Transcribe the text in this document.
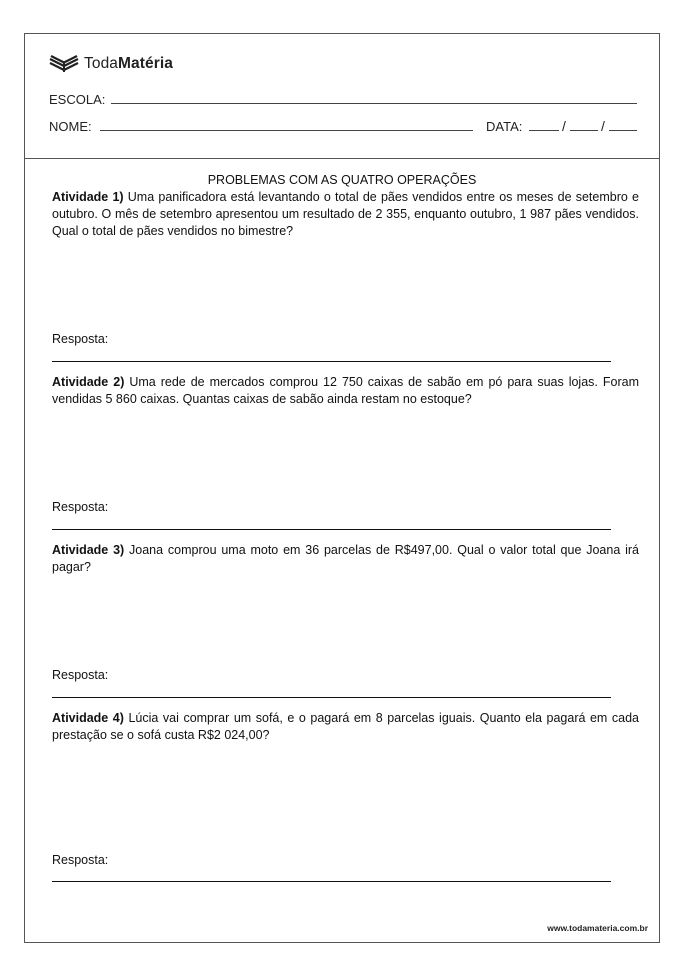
TodaMatéria
ESCOLA:
NOME:	DATA:	/	/
PROBLEMAS COM AS QUATRO OPERAÇÕES
Atividade 1) Uma panificadora está levantando o total de pães vendidos entre os meses de setembro e outubro. O mês de setembro apresentou um resultado de 2 355, enquanto outubro, 1 987 pães vendidos. Qual o total de pães vendidos no bimestre?
Resposta:
Atividade 2) Uma rede de mercados comprou 12 750 caixas de sabão em pó para suas lojas. Foram vendidas 5 860 caixas. Quantas caixas de sabão ainda restam no estoque?
Resposta:
Atividade 3) Joana comprou uma moto em 36 parcelas de R$497,00. Qual o valor total que Joana irá pagar?
Resposta:
Atividade 4) Lúcia vai comprar um sofá, e o pagará em 8 parcelas iguais. Quanto ela pagará em cada prestação se o sofá custa R$2 024,00?
Resposta:
www.todamateria.com.br
